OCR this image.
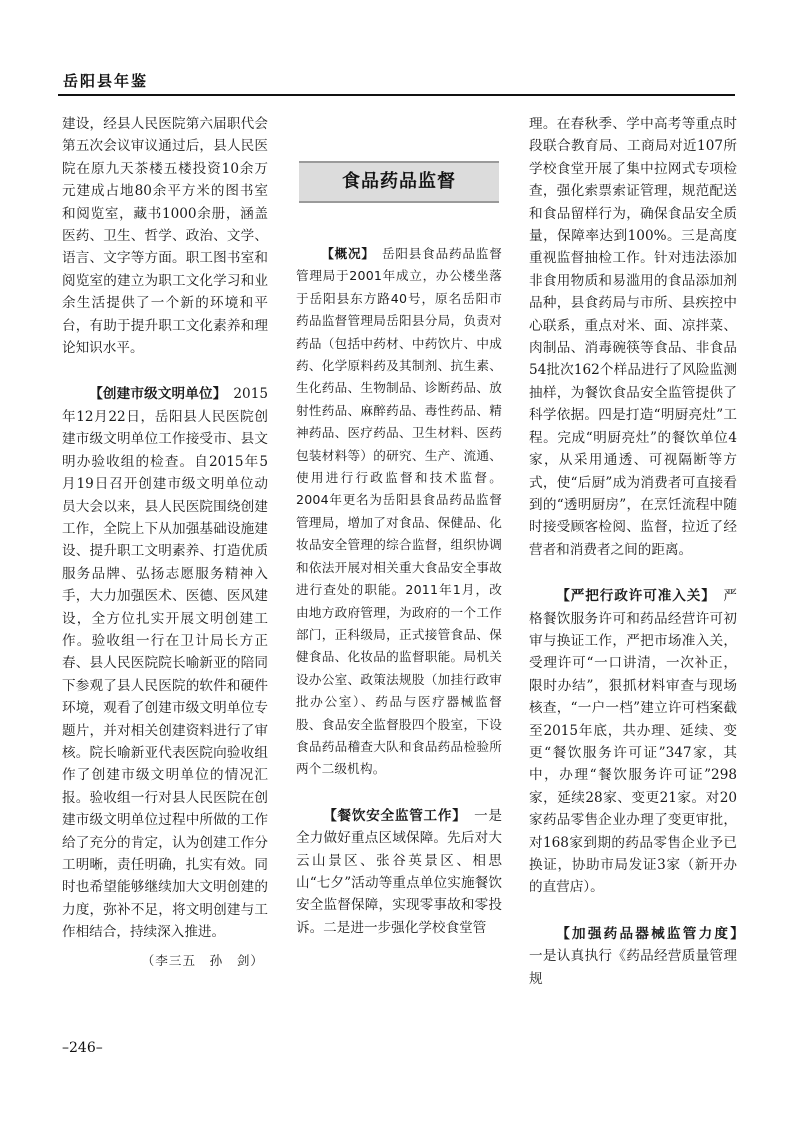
岳阳县年鉴

建设，经县人民医院第六届职代会第五次会议审议通过后，县人民医院在原九天茶楼五楼投资10余万元建成占地80余平方米的图书室和阅览室，藏书1000余册，涵盖医药、卫生、哲学、政治、文学、语言、文字等方面。职工图书室和阅览室的建立为职工文化学习和业余生活提供了一个新的环境和平台，有助于提升职工文化素养和理论知识水平。

【创建市级文明单位】　 2015年12月22日，岳阳县人民医院创建市级文明单位工作接受市、县文明办验收组的检查。自2015年5月19日召开创建市级文明单位动员大会以来，县人民医院围绕创建工作，全院上下从加强基础设施建设、提升职工文明素养、打造优质服务品牌、弘扬志愿服务精神入手，大力加强医术、医德、医风建设，全方位扎实开展文明创建工作。验收组一行在卫计局长方正春、县人民医院院长喻新亚的陪同下参观了县人民医院的软件和硬件环境，观看了创建市级文明单位专题片，并对相关创建资料进行了审核。院长喻新亚代表医院向验收组作了创建市级文明单位的情况汇报。验收组一行对县人民医院在创建市级文明单位过程中所做的工作给了充分的肯定，认为创建工作分工明晰，责任明确，扎实有效。同时也希望能够继续加大文明创建的力度，弥补不足，将文明创建与工作相结合，持续深入推进。

（李三五　孙　剑）
食品药品监督

【概况】　 岳阳县食品药品监督管理局于2001年成立，办公楼坐落于岳阳县东方路40号，原名岳阳市药品监督管理局岳阳县分局，负责对药品（包括中药材、中药饮片、中成药、化学原料药及其制剂、抗生素、生化药品、生物制品、诊断药品、放射性药品、麻醉药品、毒性药品、精神药品、医疗药品、卫生材料、医药包装材料等）的研究、生产、流通、使用进行行政监督和技术监督。2004年更名为岳阳县食品药品监督管理局，增加了对食品、保健品、化妆品安全管理的综合监督，组织协调和依法开展对相关重大食品安全事故进行查处的职能。2011年1月，改由地方政府管理，为政府的一个工作部门，正科级局，正式接管食品、保健食品、化妆品的监督职能。局机关设办公室、政策法规股（加挂行政审批办公室）、药品与医疗器械监督股、食品安全监督股四个股室，下设食品药品稽查大队和食品药品检验所两个二级机构。

【餐饮安全监管工作】　 一是全力做好重点区域保障。先后对大云山景区、张谷英景区、相思山“七夕”活动等重点单位实施餐饮安全监督保障，实现零事故和零投诉。二是进一步强化学校食堂管

理。在春秋季、学中高考等重点时段联合教育局、工商局对近107所学校食堂开展了集中拉网式专项检查，强化索票索证管理，规范配送和食品留样行为，确保食品安全质量，保障率达到100%。三是高度重视监督抽检工作。针对违法添加非食用物质和易滥用的食品添加剂品种，县食药局与市所、县疾控中心联系，重点对米、面、凉拌菜、肉制品、消毒碗筷等食品、非食品54批次162个样品进行了风险监测抽样，为餐饮食品安全监管提供了科学依据。四是打造“明厨亮灶”工程。完成“明厨亮灶”的餐饮单位4家，从采用通透、可视隔断等方式，使“后厨”成为消费者可直接看到的“透明厨房”，在烹饪流程中随时接受顾客检阅、监督，拉近了经营者和消费者之间的距离。

【严把行政许可准入关】　 严格餐饮服务许可和药品经营许可初审与换证工作，严把市场准入关，受理许可“一口讲清，一次补正，限时办结”，狠抓材料审查与现场核查，“一户一档”建立许可档案截至2015年底，共办理、延续、变更“餐饮服务许可证”347家，其中，办理“餐饮服务许可证”298家，延续28家、变更21家。对20家药品零售企业办理了变更审批，对168家到期的药品零售企业予已换证，协助市局发证3家（新开办的直营店）。

【加强药品器械监管力度】　一是认真执行《药品经营质量管理规

–246–
